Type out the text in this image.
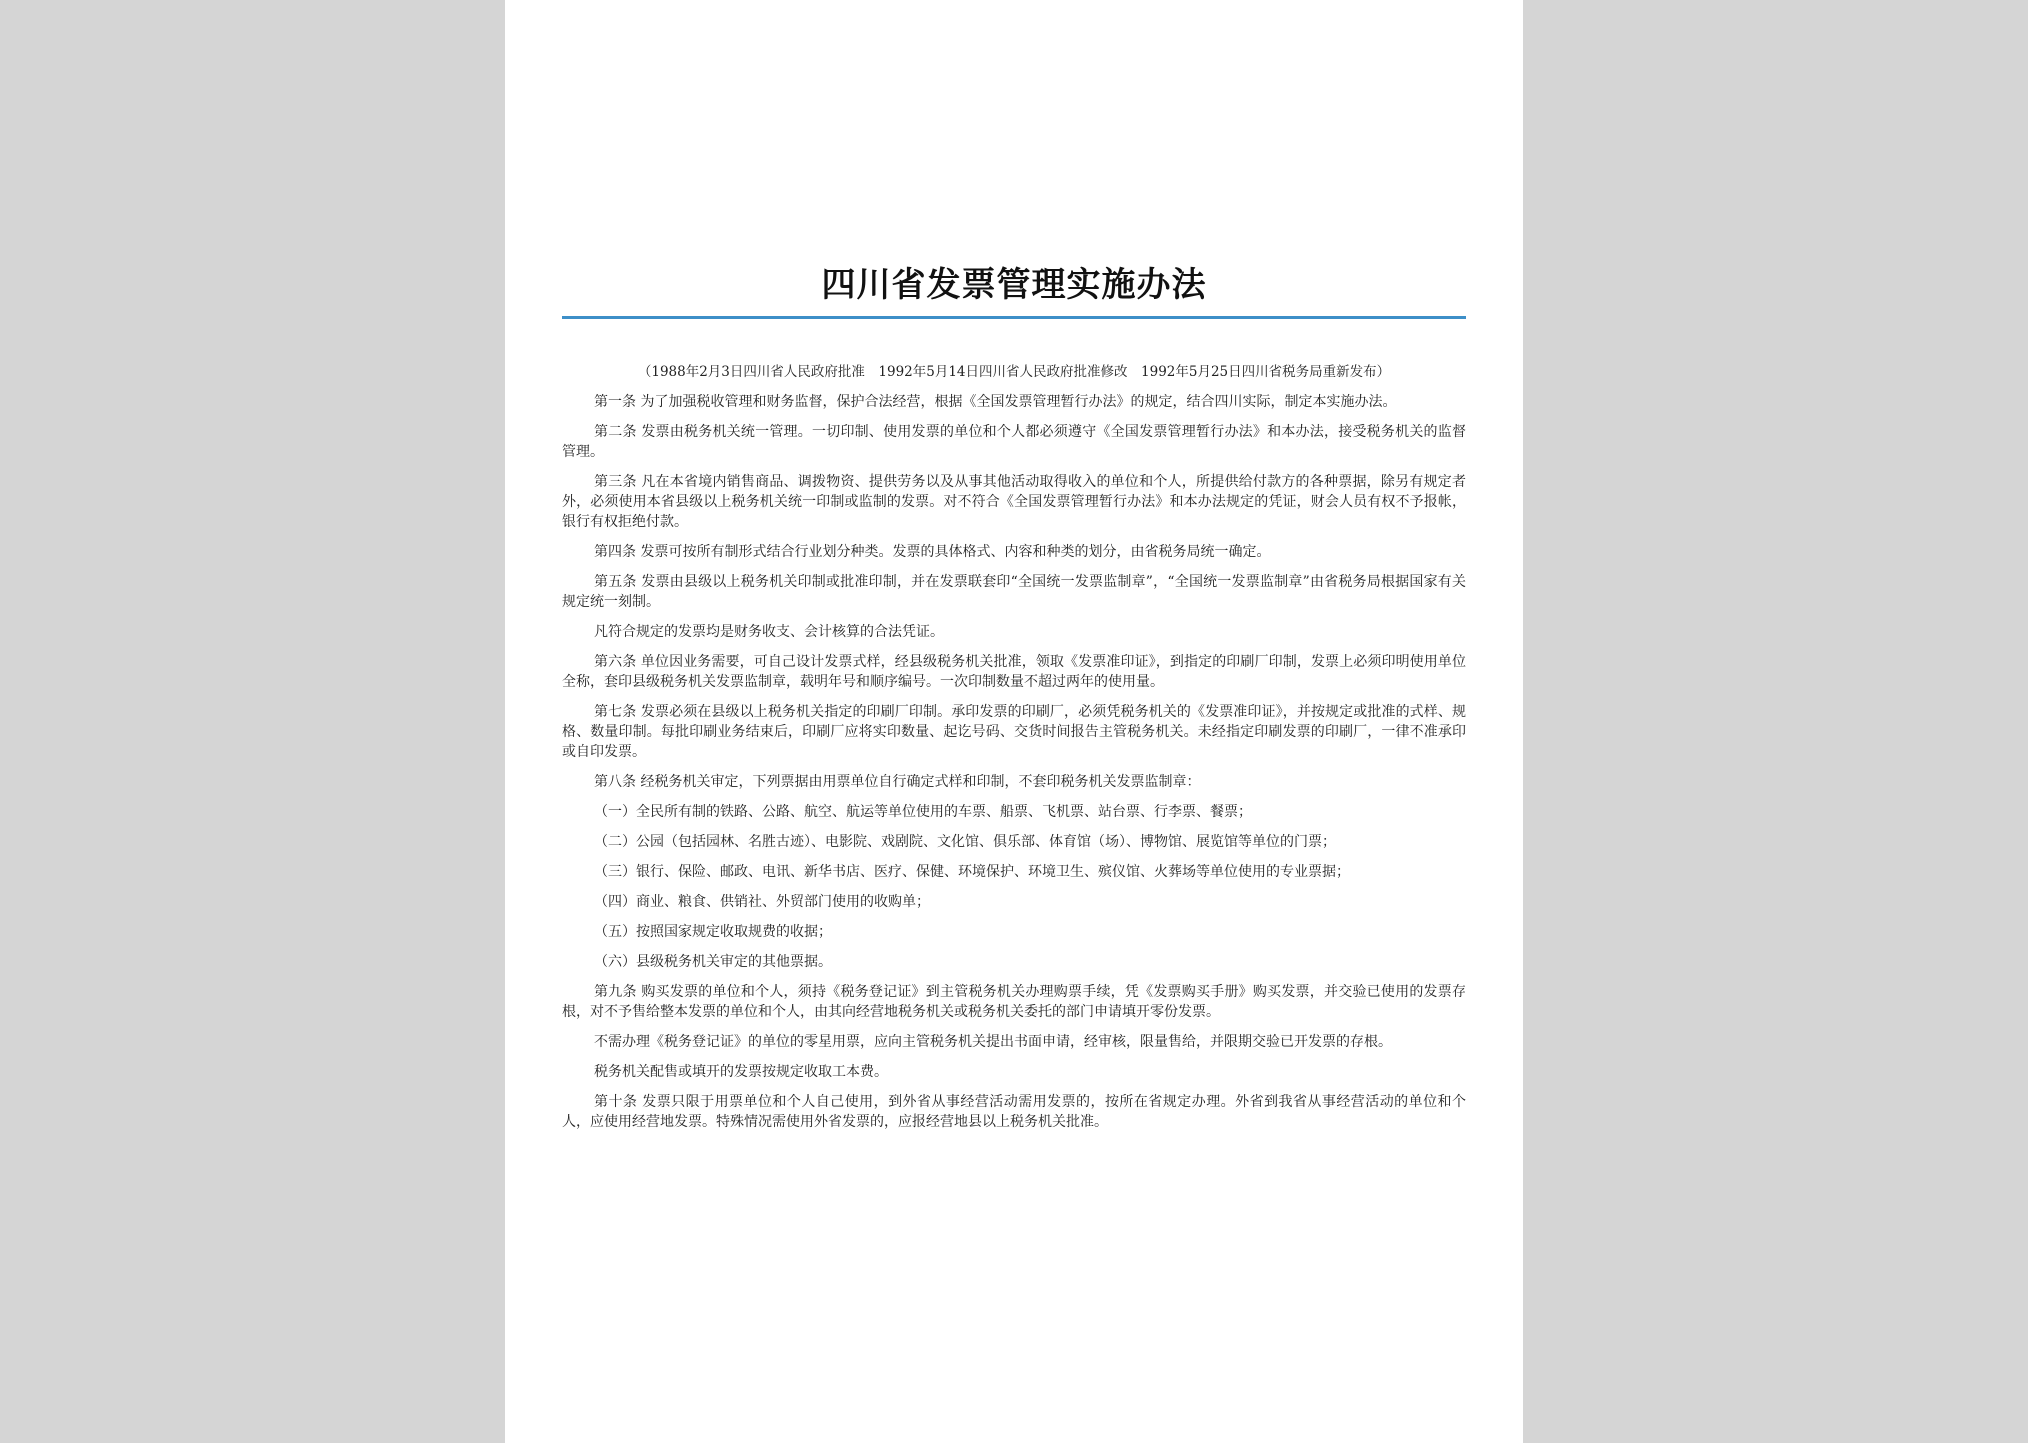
四川省发票管理实施办法

（1988年2月3日四川省人民政府批准　1992年5月14日四川省人民政府批准修改　1992年5月25日四川省税务局重新发布）

第一条 为了加强税收管理和财务监督，保护合法经营，根据《全国发票管理暂行办法》的规定，结合四川实际，制定本实施办法。

第二条 发票由税务机关统一管理。一切印制、使用发票的单位和个人都必须遵守《全国发票管理暂行办法》和本办法，接受税务机关的监督管理。

第三条 凡在本省境内销售商品、调拨物资、提供劳务以及从事其他活动取得收入的单位和个人，所提供给付款方的各种票据，除另有规定者外，必须使用本省县级以上税务机关统一印制或监制的发票。对不符合《全国发票管理暂行办法》和本办法规定的凭证，财会人员有权不予报帐，银行有权拒绝付款。

第四条 发票可按所有制形式结合行业划分种类。发票的具体格式、内容和种类的划分，由省税务局统一确定。

第五条 发票由县级以上税务机关印制或批准印制，并在发票联套印“全国统一发票监制章”，“全国统一发票监制章”由省税务局根据国家有关规定统一刻制。

凡符合规定的发票均是财务收支、会计核算的合法凭证。

第六条 单位因业务需要，可自己设计发票式样，经县级税务机关批准，领取《发票准印证》，到指定的印刷厂印制，发票上必须印明使用单位全称，套印县级税务机关发票监制章，载明年号和顺序编号。一次印制数量不超过两年的使用量。

第七条 发票必须在县级以上税务机关指定的印刷厂印制。承印发票的印刷厂，必须凭税务机关的《发票准印证》，并按规定或批准的式样、规格、数量印制。每批印刷业务结束后，印刷厂应将实印数量、起讫号码、交货时间报告主管税务机关。未经指定印刷发票的印刷厂，一律不准承印或自印发票。

第八条 经税务机关审定，下列票据由用票单位自行确定式样和印制，不套印税务机关发票监制章：

（一）全民所有制的铁路、公路、航空、航运等单位使用的车票、船票、飞机票、站台票、行李票、餐票；

（二）公园（包括园林、名胜古迹）、电影院、戏剧院、文化馆、俱乐部、体育馆（场）、博物馆、展览馆等单位的门票；

（三）银行、保险、邮政、电讯、新华书店、医疗、保健、环境保护、环境卫生、殡仪馆、火葬场等单位使用的专业票据；

（四）商业、粮食、供销社、外贸部门使用的收购单；

（五）按照国家规定收取规费的收据；

（六）县级税务机关审定的其他票据。

第九条 购买发票的单位和个人，须持《税务登记证》到主管税务机关办理购票手续，凭《发票购买手册》购买发票，并交验已使用的发票存根，对不予售给整本发票的单位和个人，由其向经营地税务机关或税务机关委托的部门申请填开零份发票。

不需办理《税务登记证》的单位的零星用票，应向主管税务机关提出书面申请，经审核，限量售给，并限期交验已开发票的存根。

税务机关配售或填开的发票按规定收取工本费。

第十条 发票只限于用票单位和个人自己使用，到外省从事经营活动需用发票的，按所在省规定办理。外省到我省从事经营活动的单位和个人，应使用经营地发票。特殊情况需使用外省发票的，应报经营地县以上税务机关批准。
